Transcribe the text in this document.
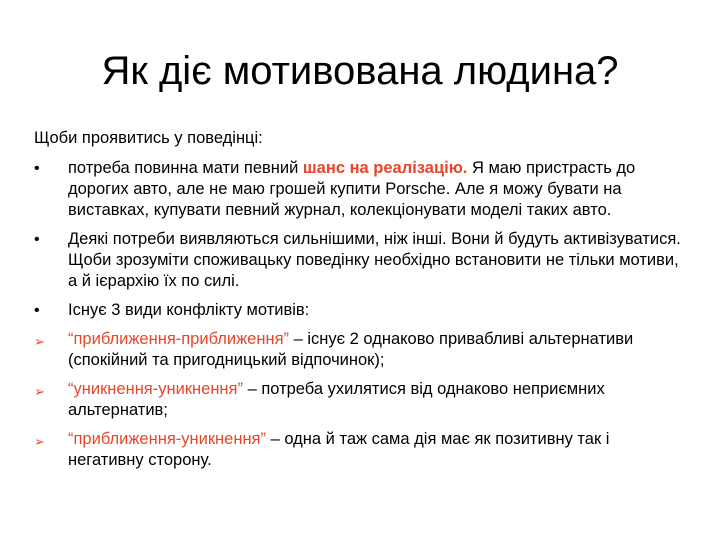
Як діє мотивована людина?

Щоби проявитись у поведінці:

•	потреба повинна мати певний шанс на реалізацію. Я маю пристрасть до дорогих авто, але не маю грошей купити Porsche. Але я можу бувати на виставках, купувати певний журнал, колекціонувати моделі таких авто.
•	Деякі потреби виявляються сильнішими, ніж інші. Вони й будуть активізуватися. Щоби зрозуміти споживацьку поведінку необхідно встановити не тільки мотиви, а й ієрархію їх по силі.
•	Існує 3 види конфлікту мотивів:
➢	“приближення-приближення” – існує 2 однаково привабливі альтернативи (спокійний та пригодницький відпочинок);
➢	“уникнення-уникнення” – потреба ухилятися від однаково неприємних альтернатив;
➢	“приближення-уникнення” – одна й таж сама дія має як позитивну так і негативну сторону.
